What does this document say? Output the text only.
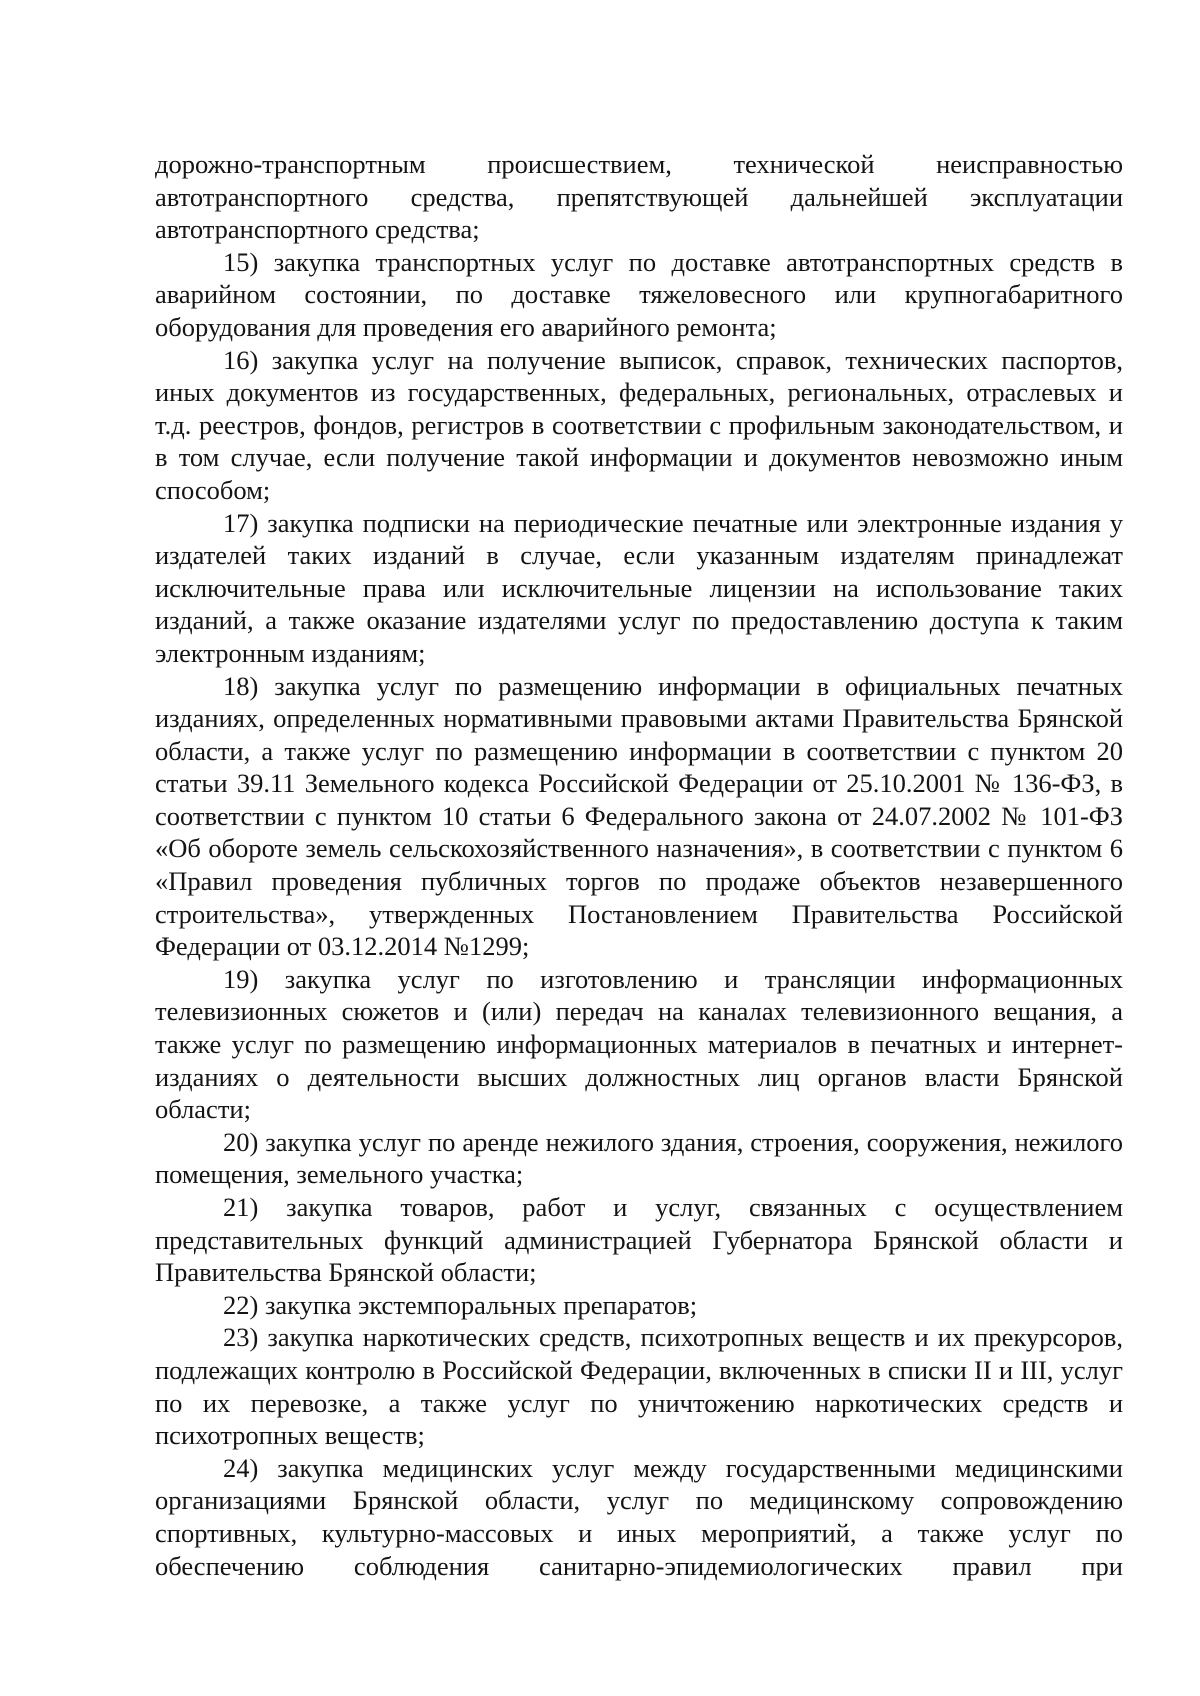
дорожно-транспортным происшествием, технической неисправностью автотранспортного средства, препятствующей дальнейшей эксплуатации автотранспортного средства;

15) закупка транспортных услуг по доставке автотранспортных средств в аварийном состоянии, по доставке тяжеловесного или крупногабаритного оборудования для проведения его аварийного ремонта;

16) закупка услуг на получение выписок, справок, технических паспортов, иных документов из государственных, федеральных, региональных, отраслевых и т.д. реестров, фондов, регистров в соответствии с профильным законодательством, и в том случае, если получение такой информации и документов невозможно иным способом;

17) закупка подписки на периодические печатные или электронные издания у издателей таких изданий в случае, если указанным издателям принадлежат исключительные права или исключительные лицензии на использование таких изданий, а также оказание издателями услуг по предоставлению доступа к таким электронным изданиям;

18) закупка услуг по размещению информации в официальных печатных изданиях, определенных нормативными правовыми актами Правительства Брянской области, а также услуг по размещению информации в соответствии с пунктом 20 статьи 39.11 Земельного кодекса Российской Федерации от 25.10.2001 № 136-ФЗ, в соответствии с пунктом 10 статьи 6 Федерального закона от 24.07.2002 № 101-ФЗ «Об обороте земель сельскохозяйственного назначения», в соответствии с пунктом 6 «Правил проведения публичных торгов по продаже объектов незавершенного строительства», утвержденных Постановлением Правительства Российской Федерации от 03.12.2014 №1299;

19) закупка услуг по изготовлению и трансляции информационных телевизионных сюжетов и (или) передач на каналах телевизионного вещания, а также услуг по размещению информационных материалов в печатных и интернет-изданиях о деятельности высших должностных лиц органов власти Брянской области;

20) закупка услуг по аренде нежилого здания, строения, сооружения, нежилого помещения, земельного участка;

21) закупка товаров, работ и услуг, связанных с осуществлением представительных функций администрацией Губернатора Брянской области и Правительства Брянской области;

22) закупка экстемпоральных препаратов;

23) закупка наркотических средств, психотропных веществ и их прекурсоров, подлежащих контролю в Российской Федерации, включенных в списки II и III, услуг по их перевозке, а также услуг по уничтожению наркотических средств и психотропных веществ;

24) закупка медицинских услуг между государственными медицинскими организациями Брянской области, услуг по медицинскому сопровождению спортивных, культурно-массовых и иных мероприятий, а также услуг по обеспечению соблюдения санитарно-эпидемиологических правил при
